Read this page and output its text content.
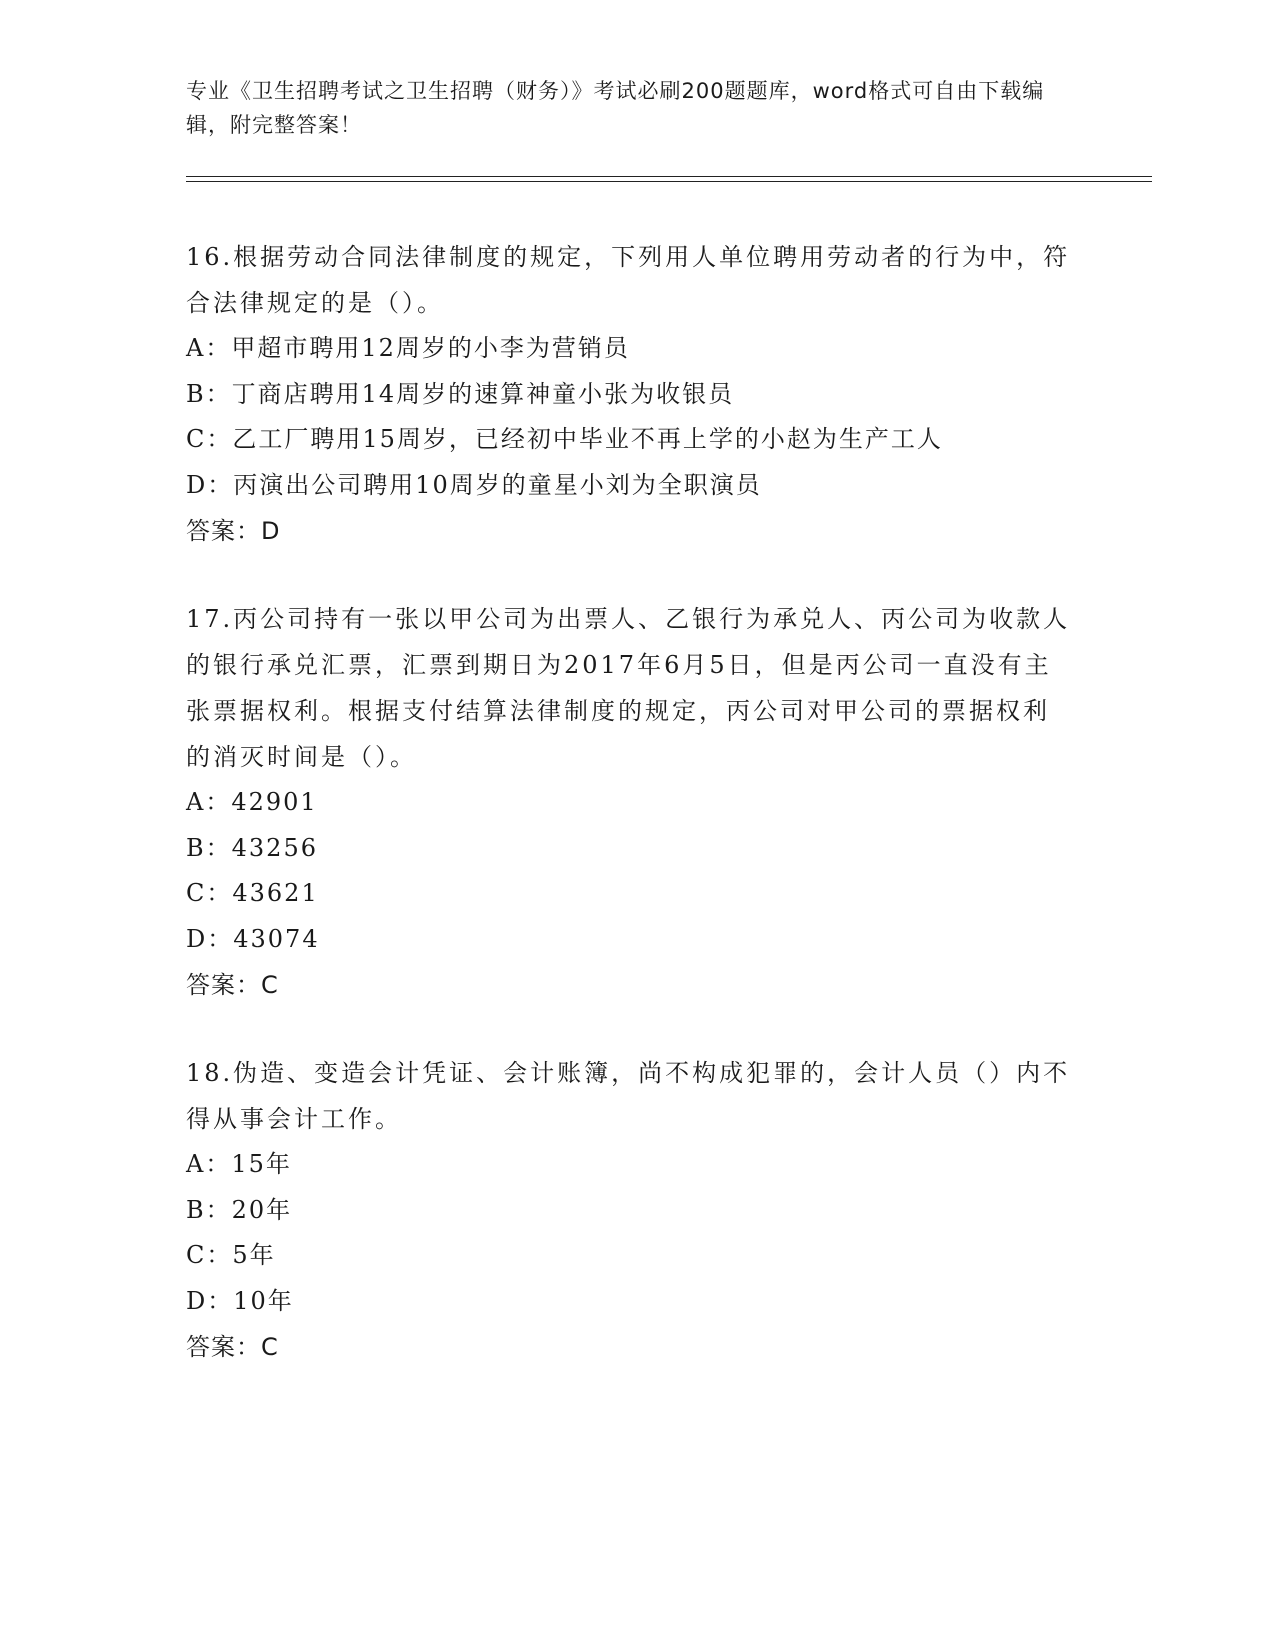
专业《卫生招聘考试之卫生招聘（财务）》考试必刷200题题库，word格式可自由下载编辑，附完整答案！

16.根据劳动合同法律制度的规定，下列用人单位聘用劳动者的行为中，符合法律规定的是（）。

A：甲超市聘用12周岁的小李为营销员

B：丁商店聘用14周岁的速算神童小张为收银员

C：乙工厂聘用15周岁，已经初中毕业不再上学的小赵为生产工人

D：丙演出公司聘用10周岁的童星小刘为全职演员

答案：D

17.丙公司持有一张以甲公司为出票人、乙银行为承兑人、丙公司为收款人的银行承兑汇票，汇票到期日为2017年6月5日，但是丙公司一直没有主张票据权利。根据支付结算法律制度的规定，丙公司对甲公司的票据权利的消灭时间是（）。

A：42901

B：43256

C：43621

D：43074

答案：C

18.伪造、变造会计凭证、会计账簿，尚不构成犯罪的，会计人员（）内不得从事会计工作。

A：15年

B：20年

C：5年

D：10年

答案：C
